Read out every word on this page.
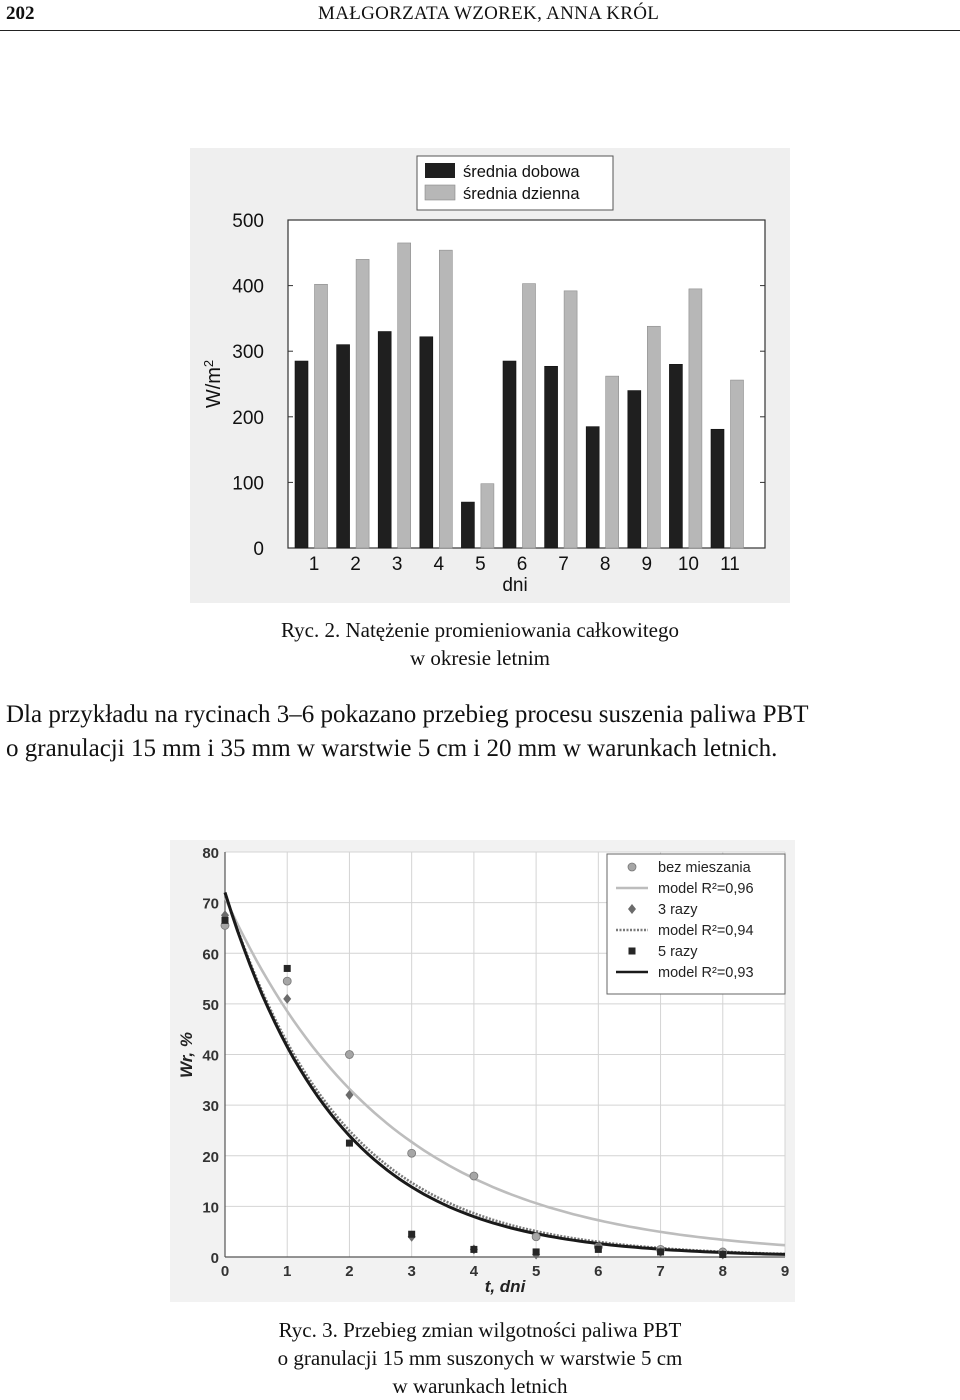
202	MAŁGORZATA WZOREK, ANNA KRÓL
0
100
200
300
400
500
1 2 3 4 5 6 7 8 9 10 11
$W/m^2$
dni
średnia dobowa
średnia dzienna
Ryc. 2. Natężenie promieniowania całkowitego
w okresie letnim
Dla przykładu na rycinach 3–6 pokazano przebieg procesu suszenia paliwa PBT
o granulacji 15 mm i 35 mm w warstwie 5 cm i 20 mm w warunkach letnich.
0
10
20
30
40
50
60
70
80
0	1	2	3	4	5	6	7	8	9
Wr, %
t, dni
bez mieszania
model R²=0,96
3 razy
model R²=0,94
5 razy
model R²=0,93
Ryc. 3. Przebieg zmian wilgotności paliwa PBT
o granulacji 15 mm suszonych w warstwie 5 cm
w warunkach letnich
